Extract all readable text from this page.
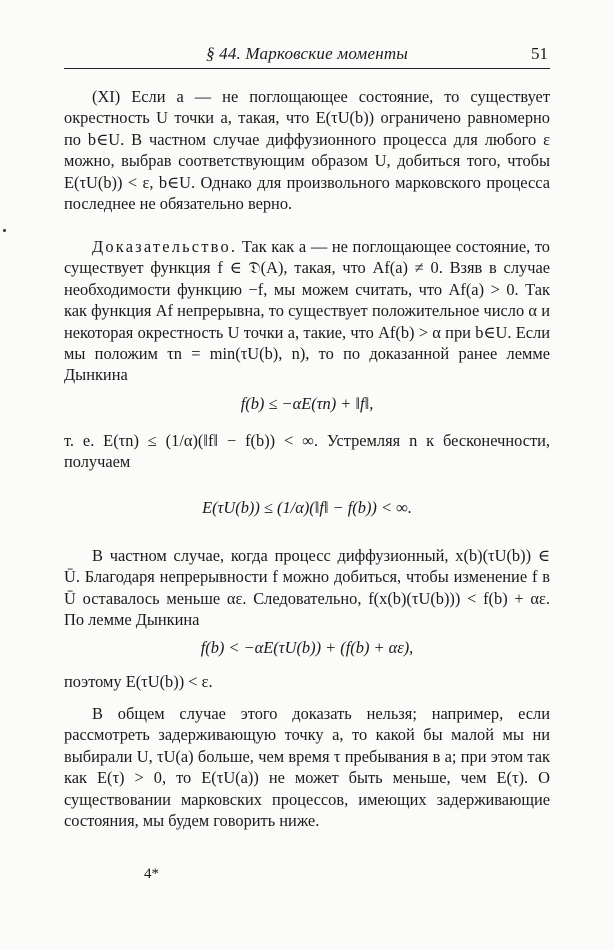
§ 44. Марковские моменты	51

(XI) Если a — не поглощающее состояние, то существует окрестность U точки a, такая, что E(τU(b)) ограничено равномерно по b∈U. В частном случае диффузионного процесса для любого ε можно, выбрав соответствующим образом U, добиться того, чтобы E(τU(b)) < ε, b∈U. Однако для произвольного марковского процесса последнее не обязательно верно.

Доказательство. Так как a — не поглощающее состояние, то существует функция f ∈ 𝔇(A), такая, что Af(a) ≠ 0. Взяв в случае необходимости функцию −f, мы можем считать, что Af(a) > 0. Так как функция Af непрерывна, то существует положительное число α и некоторая окрестность U точки a, такие, что Af(b) > α при b∈U. Если мы положим τn = min(τU(b), n), то по доказанной ранее лемме Дынкина

f(b) ≤ −αE(τn) + ‖f‖,

т. е. E(τn) ≤ (1/α)(‖f‖ − f(b)) < ∞. Устремляя n к бесконечности, получаем

E(τU(b)) ≤ (1/α)(‖f‖ − f(b)) < ∞.

В частном случае, когда процесс диффузионный, x(b)(τU(b)) ∈ Ū. Благодаря непрерывности f можно добиться, чтобы изменение f в Ū оставалось меньше αε. Следовательно, f(x(b)(τU(b))) < f(b) + αε. По лемме Дынкина

f(b) < −αE(τU(b)) + (f(b) + αε),

поэтому E(τU(b)) < ε.

В общем случае этого доказать нельзя; например, если рассмотреть задерживающую точку a, то какой бы малой мы ни выбирали U, τU(a) больше, чем время τ пребывания в a; при этом так как E(τ) > 0, то E(τU(a)) не может быть меньше, чем E(τ). О существовании марковских процессов, имеющих задерживающие состояния, мы будем говорить ниже.

4*
